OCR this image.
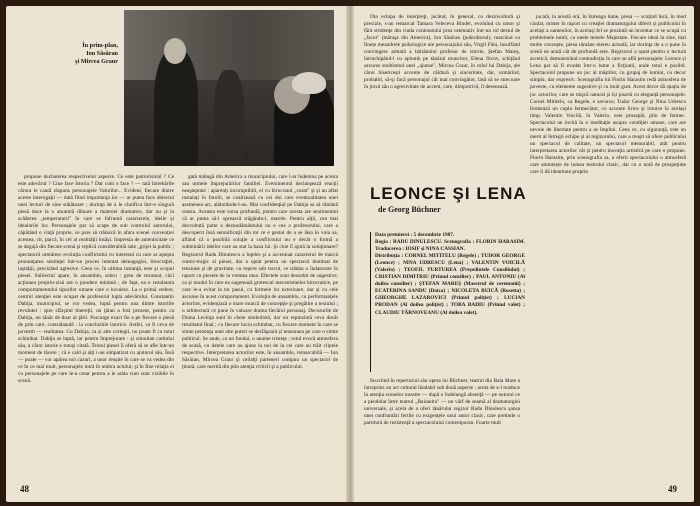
În prim-plan,
Ion Săsăran
şi Mircea Graur

propune dezbaterea respectivelor aspecte. Ce este patriotismul ? Ce este adevărul ? Cine face Istoria ? Dar cum o face ? — tată întrebările cărora le caută răspuns personajele Valurilor... Evident, fiecare dintre aceste interogaţii — dată fiind importanţa lor — ar putea face obiectul unei lecturi de sine stătătoare ; dorinţa de a le clarifica într-o singură piesă duce la o anumită diluare a materiei dramatice, dar nu şi la scăderea „temperaturii" în care se înfruntă caracterele, ideile şi idealurile lor. Personajele par să scape de sub controlul autorului, căpătând o viaţă proprie, ce pare să trăiască în afara scenei convenţiei acestea, cit, parcă, în cel al realităţii însăşi. Impresia de autenticitate ce se degajă din fiecare scenă şi replică considerabilă sale „grijei la public ; spectatorii urmăresc evoluţia conflictului cu interesul cu care ar aştepta pronunţarea sentinţei într-un proces intentat demagogiei, birocraţiei, laşităţii, precizând agresive. Ceea ce, în ultima instanţă, este şi scopul piesei. Subiectul apare, în ansamblu, sobru : greu de rezumat, căci acţiunea propriu-zisă are o pondere minimă ; de fapt, ea e rezultanta comportamentului tipurilor umane care o locuiesc. La o primă vedere, centrul atenţiei este ocupat de profesorul lupta adevărului. Constantin Dabija, municipiul, se vor vedea, luptă pentru una dintre istoriile revolutei : spre sfârşitul tinereţii, un ţăran a fost prezent, pentru ca Dabija, un tânăr de doar al ţării. Parcurge exact fie a pe fiecare o piesă de prin care, contrabandă : la concluziile istorice. Astfel, va fi ceva de povestit — realitatea. Cu Dabija, ca și alte cortegii, nu poate fi cu totul schimbat. Dabija se luptă, iar pentru împrejurare : şi simultan cadrului său, a căror istorie e totuşi citată. Textul piesei îi oferă să se afle într-un moment de tăcere ; că e cald şi alţi i-au simpatizat cu ajutorul său. Însă — poate — vor apărea noi cazuri, a unor reuşite în care se va vedea din ce în ce mai mult, personajele intră în umbra actului; şi în fine relaţia ei cu personajele pe care le-a creat pentru a le arăta cum sunt vizibile în scenă.

gată mâingă din America a municipiului, care l-ar îndemna pe acesta sau urmele împrejurărilor familiei. Evenimentul declanşează reacţii neaşteptate : aparenţi incoruptibili, ei cu birocratul „curat" şi şi au aflat instalaţi în fotolii, se coalizează cu cei doi care eventualitatea unei asemenea act, alăturându-l-au. Mai confidenţial pe Dabija sa să rămână ceasta. Aceasta este sursa profundă, pentru care acesta are sentimentul că ar putea să-i oprească trăgându-l, marele. Pentru alţii, cea mai dezvoltată parte a deznodământului nu e cea a profesorului, care a descoperit însă semnificaţii din tot ce e gestul de a se lăsa în voia sa, aflând că o posibilă soluţie a conflictului nu e decât o formă a subminării ideilor care au stat la baza lui. Şi cine îl ajută la soluţionare? Regizorul Radu Dinulescu a înţeles şi a accentuat caracterul de marcă comic-tragic al piesei, dar a optat pentru un spectacol dominat de tensiune şi de gravitate, cu repere sub trecut, ce trădau o îndatorare în raport cu piesele de la vremea mea. Efectele sunt deosebit de sugestive, ca şi modul în care ea sugerează grotescul mecanismelor birocratice, pe care le-a evitat la tot pasul, cu formele lor exterioare, dar şi cu cele ascunse în acest comportament. Evoluţia de ansamblu, cu performanţele actorilor, evidenţiază o mare muncă de concepţie şi pregătire a textului ; o arhitectură ce pune în valoare drama fiecărui personaj. Decorurile de Doina Levinţa sunt în cheie simbolistă, dar nu reprezintă ceva decât rezultatul final ; cu fiecare lucru schimbat, cu fiecare moment în care se simte prezenţa unei alte puteri se desfăşoară şi tensiunea pe care o simte publicul. Se aude, ca un fundal, o anume tristeţe ; totul evocă atmosfera de acasă, cu datele care au ajuns la noi de la cei care au trăit clipele respective. Interpretarea actorilor este, în ansamblu, remarcabilă — Ion Săsăran, Mircea Graur şi ceilalţi parteneri compun un spectacol de ţinută, care merită din plin atenţia criticii şi a publicului.

48

Din echipa de interpreţi, jucând, în general, cu dezinvoltură şi precizie, s-au remarcat Tamara Veleceva Binder, evoluînd cu umor şi fără stridenţe din ciuda contrastului prea ostentativ într-un rol destul de „facut" (mătuşa din America), Ion Săsăran (judecătorul), marcând cu finețe meandrele psihologice ale personajului său, Virgil Fătu, insuflând convingere armată a bătrânului profesor de istorie, Ştefan Mareş, întruchipând-l cu aplomb pe tânărul muncitor, Elena Jitcov, schiţând savuros snobismul unei „ajunse", Mircea Graur, în rolul lui Dabija, ale cărui bisericești accente de căldură şi sinceritate, dar, urmărind, probabil, să-şi facă personajul cât mai convingător, lasă să se strecoare în jocul său o agresivitate de accent, care, dimpotrivă, îl desenează.

LEONCE ŞI LENA
de Georg Büchner
Data premierei : 5 decembrie 1987.
Regia : RADU DINULESCU. Scenografia : FLORIN HARASIM. Traducerea : IOSIF şi NINA CASSIAN.
Distribuţia : CORNEL MITITELU (Regele) ; TUDOR GEORGE (Leonce) ; NINA UDRESCU (Lena) ; VALENTIN VOICILĂ (Valerio) ; TEOFIL TURTUREA (Preşedintele Consiliului) ; CRISTIAN DIMITRIU (Primul consilier) ; PAUL ANTONIU (Al doilea consilier) ; ŞTEFAN MAREŞ (Maestrul de ceremonii) ; ECATERINA SANDU (Doica) ; NICOLETA BUICĂ (Rosetta) ; GHEORGHE LAZAROVICI (Primul poliţist) ; LUCIAN PRODAN (Al doilea poliţist) ; TOBA BADIU (Primul valet) ; CLAUDIU TÂRNOVEANU (Al doilea valet).

Înscriind în repertoriul său opera lui Büchner, teatrul din Baia Mare a întreprins un act cultural lăudabil sub două aspecte : acela de a-l readuce în atenţia scenelor noastre — după o îndelungă absenţă — pe autorul ce a pendulat între teatrul „Baiundra" — un vârf de seamă al dramaturgiei universale, şi acela de a oferi tânărului regizor Radu Dinulescu şansa unei confruntări fertile cu exigenţele unui autor clasic, care pretinde o partitură de rezistenţă a spectacolului contemporan. Foarte mult

jucată, la acestă oră, în întreaga lume, piesa — scoţind încă, în mod ciudat, mister în raport cu creaţiei dramaturgului diferit și publicului în același a oamenilor, în același fel se prezintă un inventar ce se ocupă cu problemele lumii, ca unele temele Majestate. Fiecare ideal în sine, mai multe concepte, piesa rămâne mereu actuală, iar dorinţa de a o pune în scenă ne arată cât de profundă este. Regizorul a optat pentru o lectură ascetică, demonstrând contradicţia în care se află personajele: Leonce şi Lena par să fi evadat într-o lume a ficţiunii, unde totul e posibil. Spectacolul propune un joc al măştilor, cu grupaj de lumini, cu decor simplu, dar expresiv. Scenografia lui Florin Harasim redă atmosfera de poveste, cu elemente sugestive şi cu mult gust. Acest decor dă spaţiu de joc actorilor, care se mişcă natural şi își poartă cu eleganță personajele. Cornel Mititelu, ca Regele, e savuros; Tudor George şi Nina Udrescu formează un cuplu fermecător, cu accente lirice şi ironice în acelaşi timp. Valentin Voicilă, în Valerio, este proaspăt, plin de farmec. Spectacolul ne invită la o meditaţie asupra condiţiei umane, care are nevoie de libertate pentru a se împlini. Ceea ce, cu siguranţă, este un merit al întregii echipe şi al regizorului, care a reuşit să ofere publicului un spectacol de calitate, un spectacol memorabil, atât pentru interpretarea actorilor cât și pentru inovaţia artistică pe care o propune. Florin Harasim, prin scenografia sa, a oferit spectacolului o atmosferă care amintește de lumea teatrului clasic, dar cu o notă de prospeţime care îi dă identitate proprie.

49
